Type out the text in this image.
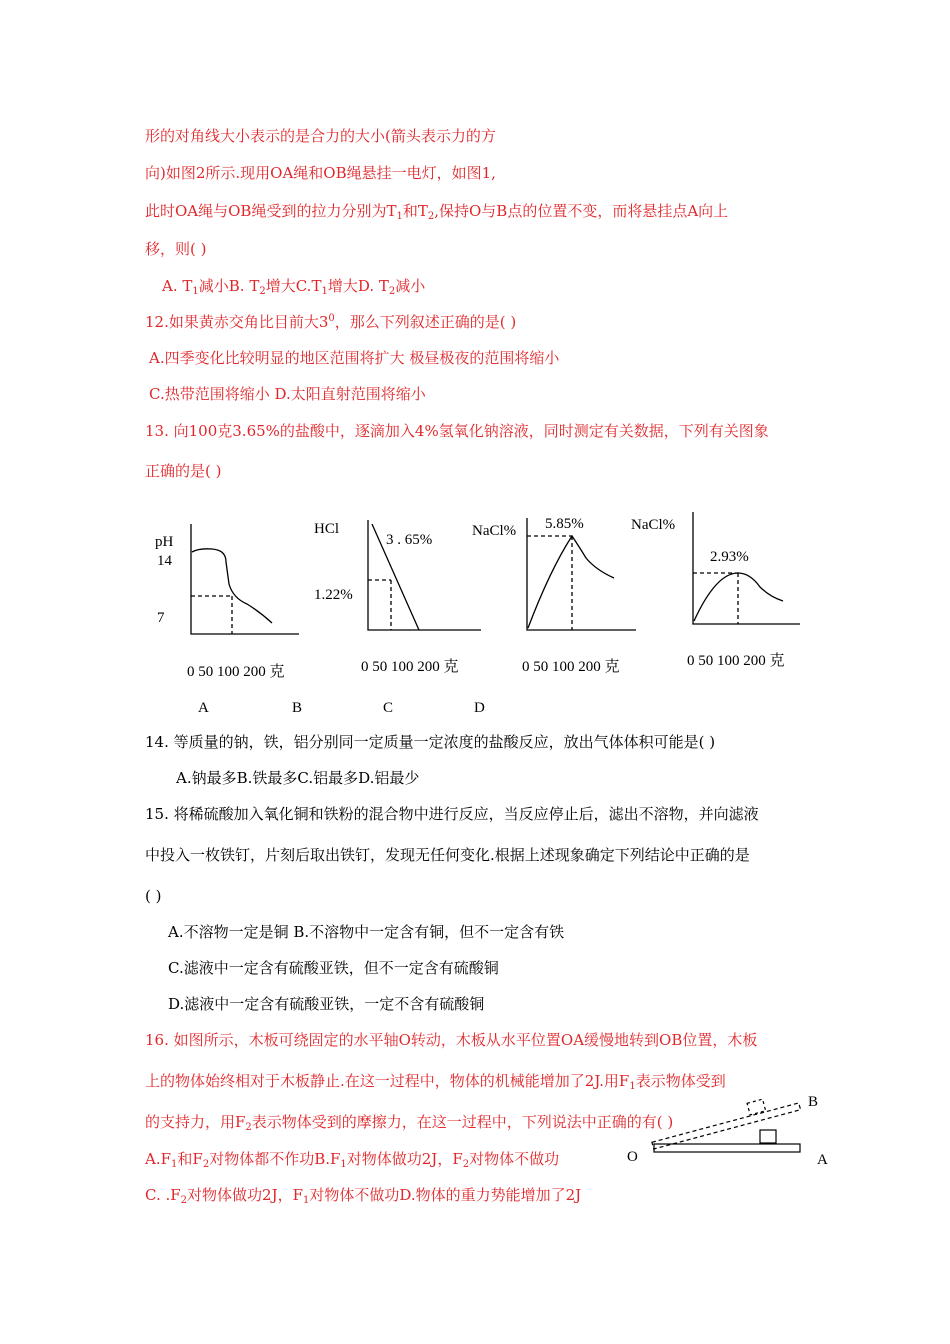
形的对角线大小表示的是合力的大小(箭头表示力的方
向)如图2所示.现用OA绳和OB绳悬挂一电灯，如图1,
此时OA绳与OB绳受到的拉力分别为$T_1$和$T_2$,保持O与B点的位置不变，而将悬挂点A向上
移，则( )
A. $T_1$减小B. $T_2$增大$C.T_1$增大D. $T_2$减小
12.如果黄赤交角比目前大$3^0$，那么下列叙述正确的是( )
A.四季变化比较明显的地区范围将扩大 极昼极夜的范围将缩小
C.热带范围将缩小 D.太阳直射范围将缩小
13. 向100克3.65%的盐酸中，逐滴加入4%氢氧化钠溶液，同时测定有关数据，下列有关图象
正确的是( )
pH
14
7
0 50 100 200 克
HCl
3 . 65%
1.22%
0 50 100 200 克
NaCl% 5.85%
0 50 100 200 克
NaCl%
2.93%
0 50 100 200 克
A	B	C	D
14. 等质量的钠，铁，铝分别同一定质量一定浓度的盐酸反应，放出气体体积可能是( )
A.钠最多B.铁最多C.铝最多D.铝最少
15. 将稀硫酸加入氧化铜和铁粉的混合物中进行反应，当反应停止后，滤出不溶物，并向滤液
中投入一枚铁钉，片刻后取出铁钉，发现无任何变化.根据上述现象确定下列结论中正确的是
( )
A.不溶物一定是铜 B.不溶物中一定含有铜，但不一定含有铁
C.滤液中一定含有硫酸亚铁，但不一定含有硫酸铜
D.滤液中一定含有硫酸亚铁，一定不含有硫酸铜
16. 如图所示，木板可绕固定的水平轴O转动，木板从水平位置OA缓慢地转到OB位置，木板
上的物体始终相对于木板静止.在这一过程中，物体的机械能增加了2J.用$F_1$表示物体受到
的支持力，用$F_2$表示物体受到的摩擦力，在这一过程中，下列说法中正确的有( )
$A.F_1$和$F_2$对物体都不作功$B.F_1$对物体做功2J，$F_2$对物体不做功
C. $.F_2$对物体做功2J，$F_1$对物体不做功D.物体的重力势能增加了2J
O	A
B
